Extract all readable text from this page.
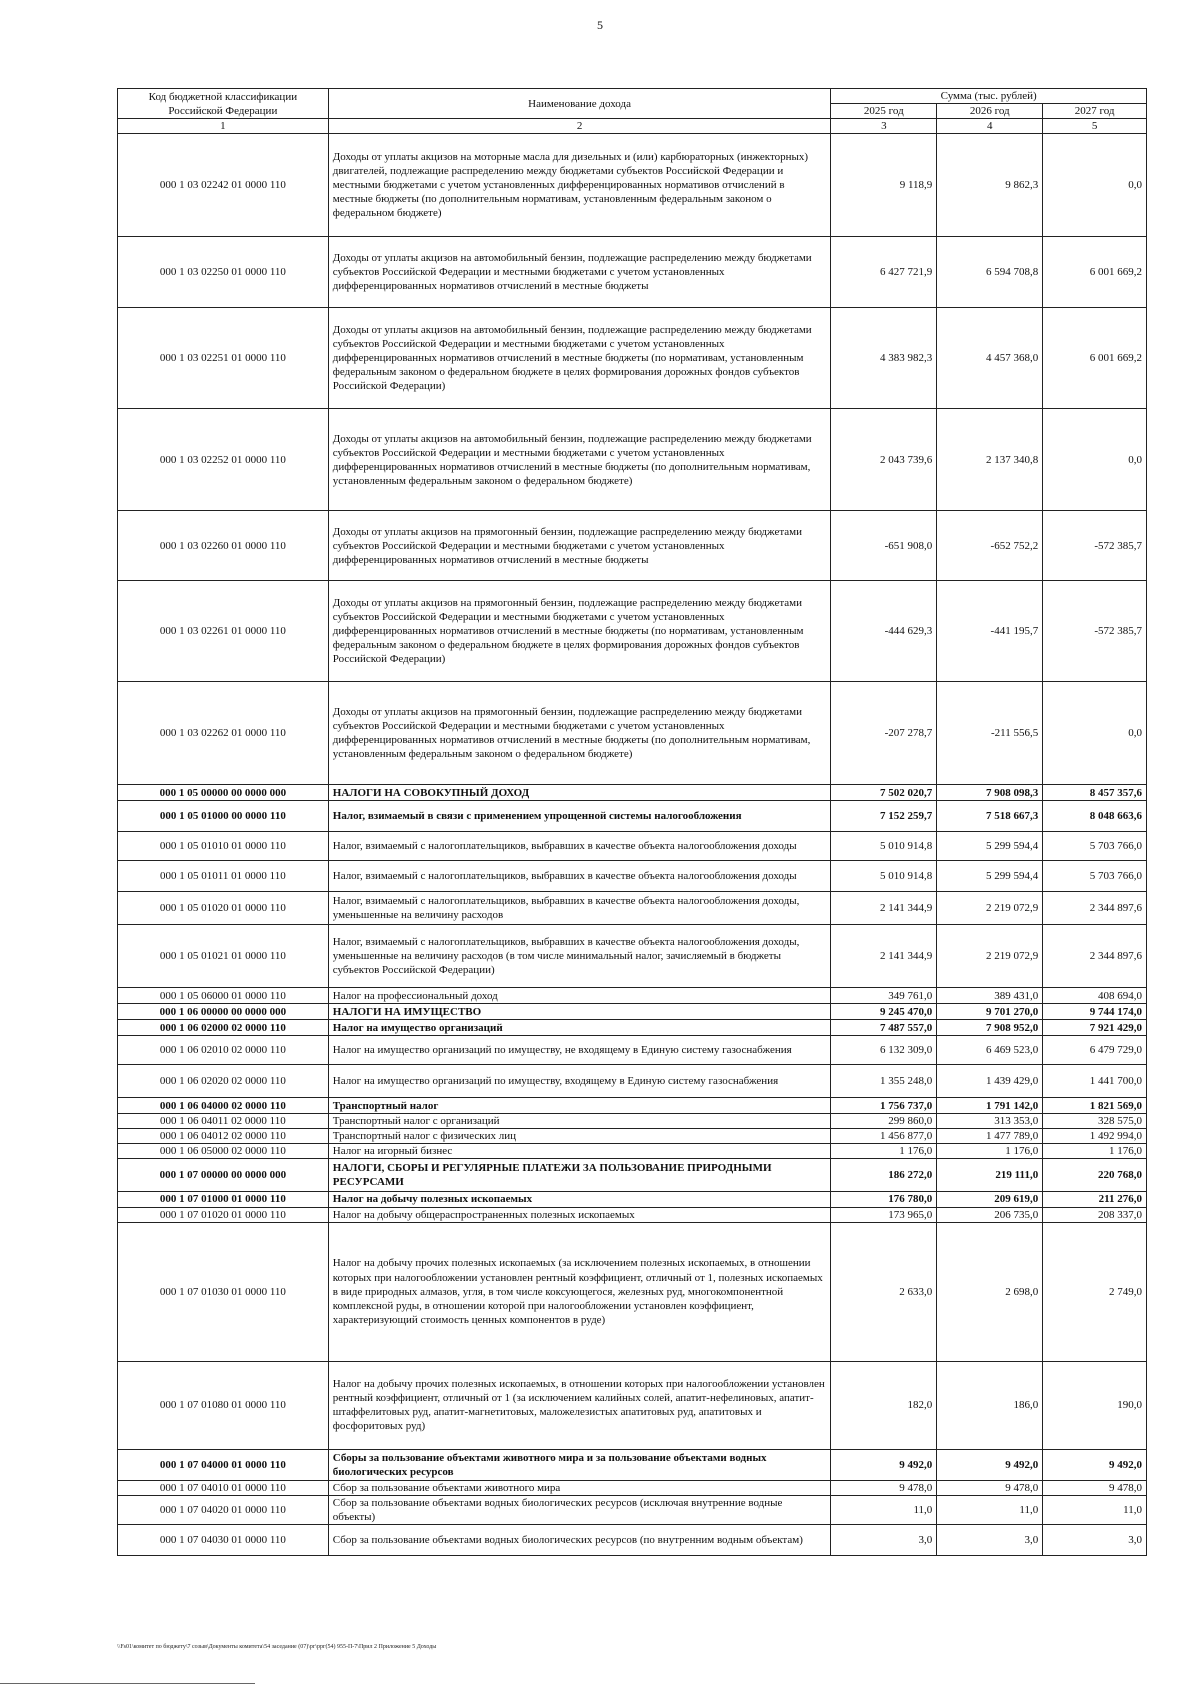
5
Код бюджетной классификации Российской Федерации	Наименование дохода	Сумма (тыс. рублей)		
		2025 год	2026 год	2027 год
1	2	3	4	5
000 1 03 02242 01 0000 110	Доходы от уплаты акцизов на моторные масла для дизельных и (или) карбюраторных (инжекторных) двигателей, подлежащие распределению между бюджетами субъектов Российской Федерации и местными бюджетами с учетом установленных дифференцированных нормативов отчислений в местные бюджеты (по дополнительным нормативам, установленным федеральным законом о федеральном бюджете)	9 118,9	9 862,3	0,0
000 1 03 02250 01 0000 110	Доходы от уплаты акцизов на автомобильный бензин, подлежащие распределению между бюджетами субъектов Российской Федерации и местными бюджетами с учетом установленных дифференцированных нормативов отчислений в местные бюджеты	6 427 721,9	6 594 708,8	6 001 669,2
000 1 03 02251 01 0000 110	Доходы от уплаты акцизов на автомобильный бензин, подлежащие распределению между бюджетами субъектов Российской Федерации и местными бюджетами с учетом установленных дифференцированных нормативов отчислений в местные бюджеты (по нормативам, установленным федеральным законом о федеральном бюджете в целях формирования дорожных фондов субъектов Российской Федерации)	4 383 982,3	4 457 368,0	6 001 669,2
000 1 03 02252 01 0000 110	Доходы от уплаты акцизов на автомобильный бензин, подлежащие распределению между бюджетами субъектов Российской Федерации и местными бюджетами с учетом установленных дифференцированных нормативов отчислений в местные бюджеты (по дополнительным нормативам, установленным федеральным законом о федеральном бюджете)	2 043 739,6	2 137 340,8	0,0
000 1 03 02260 01 0000 110	Доходы от уплаты акцизов на прямогонный бензин, подлежащие распределению между бюджетами субъектов Российской Федерации и местными бюджетами с учетом установленных дифференцированных нормативов отчислений в местные бюджеты	-651 908,0	-652 752,2	-572 385,7
000 1 03 02261 01 0000 110	Доходы от уплаты акцизов на прямогонный бензин, подлежащие распределению между бюджетами субъектов Российской Федерации и местными бюджетами с учетом установленных дифференцированных нормативов отчислений в местные бюджеты (по нормативам, установленным федеральным законом о федеральном бюджете в целях формирования дорожных фондов субъектов Российской Федерации)	-444 629,3	-441 195,7	-572 385,7
000 1 03 02262 01 0000 110	Доходы от уплаты акцизов на прямогонный бензин, подлежащие распределению между бюджетами субъектов Российской Федерации и местными бюджетами с учетом установленных дифференцированных нормативов отчислений в местные бюджеты (по дополнительным нормативам, установленным федеральным законом о федеральном бюджете)	-207 278,7	-211 556,5	0,0
000 1 05 00000 00 0000 000	НАЛОГИ НА СОВОКУПНЫЙ ДОХОД	7 502 020,7	7 908 098,3	8 457 357,6
000 1 05 01000 00 0000 110	Налог, взимаемый в связи с применением упрощенной системы налогообложения	7 152 259,7	7 518 667,3	8 048 663,6
000 1 05 01010 01 0000 110	Налог, взимаемый с налогоплательщиков, выбравших в качестве объекта налогообложения доходы	5 010 914,8	5 299 594,4	5 703 766,0
000 1 05 01011 01 0000 110	Налог, взимаемый с налогоплательщиков, выбравших в качестве объекта налогообложения доходы	5 010 914,8	5 299 594,4	5 703 766,0
000 1 05 01020 01 0000 110	Налог, взимаемый с налогоплательщиков, выбравших в качестве объекта налогообложения доходы, уменьшенные на величину расходов	2 141 344,9	2 219 072,9	2 344 897,6
000 1 05 01021 01 0000 110	Налог, взимаемый с налогоплательщиков, выбравших в качестве объекта налогообложения доходы, уменьшенные на величину расходов (в том числе минимальный налог, зачисляемый в бюджеты субъектов Российской Федерации)	2 141 344,9	2 219 072,9	2 344 897,6
000 1 05 06000 01 0000 110	Налог на профессиональный доход	349 761,0	389 431,0	408 694,0
000 1 06 00000 00 0000 000	НАЛОГИ НА ИМУЩЕСТВО	9 245 470,0	9 701 270,0	9 744 174,0
000 1 06 02000 02 0000 110	Налог на имущество организаций	7 487 557,0	7 908 952,0	7 921 429,0
000 1 06 02010 02 0000 110	Налог на имущество организаций по имуществу, не входящему в Единую систему газоснабжения	6 132 309,0	6 469 523,0	6 479 729,0
000 1 06 02020 02 0000 110	Налог на имущество организаций по имуществу, входящему в Единую систему газоснабжения	1 355 248,0	1 439 429,0	1 441 700,0
000 1 06 04000 02 0000 110	Транспортный налог	1 756 737,0	1 791 142,0	1 821 569,0
000 1 06 04011 02 0000 110	Транспортный налог с организаций	299 860,0	313 353,0	328 575,0
000 1 06 04012 02 0000 110	Транспортный налог с физических лиц	1 456 877,0	1 477 789,0	1 492 994,0
000 1 06 05000 02 0000 110	Налог на игорный бизнес	1 176,0	1 176,0	1 176,0
000 1 07 00000 00 0000 000	НАЛОГИ, СБОРЫ И РЕГУЛЯРНЫЕ ПЛАТЕЖИ ЗА ПОЛЬЗОВАНИЕ ПРИРОДНЫМИ РЕСУРСАМИ	186 272,0	219 111,0	220 768,0
000 1 07 01000 01 0000 110	Налог на добычу полезных ископаемых	176 780,0	209 619,0	211 276,0
000 1 07 01020 01 0000 110	Налог на добычу общераспространенных полезных ископаемых	173 965,0	206 735,0	208 337,0
000 1 07 01030 01 0000 110	Налог на добычу прочих полезных ископаемых (за исключением полезных ископаемых, в отношении которых при налогообложении установлен рентный коэффициент, отличный от 1, полезных ископаемых в виде природных алмазов, угля, в том числе коксующегося, железных руд, многокомпонентной комплексной руды, в отношении которой при налогообложении установлен коэффициент, характеризующий стоимость ценных компонентов в руде)	2 633,0	2 698,0	2 749,0
000 1 07 01080 01 0000 110	Налог на добычу прочих полезных ископаемых, в отношении которых при налогообложении установлен рентный коэффициент, отличный от 1 (за исключением калийных солей, апатит-нефелиновых, апатит-штаффелитовых руд, апатит-магнетитовых, маложелезистых апатитовых руд, апатитовых и фосфоритовых руд)	182,0	186,0	190,0
000 1 07 04000 01 0000 110	Сборы за пользование объектами животного мира и за пользование объектами водных биологических ресурсов	9 492,0	9 492,0	9 492,0
000 1 07 04010 01 0000 110	Сбор за пользование объектами животного мира	9 478,0	9 478,0	9 478,0
000 1 07 04020 01 0000 110	Сбор за пользование объектами водных биологических ресурсов (исключая внутренние водные объекты)	11,0	11,0	11,0
000 1 07 04030 01 0000 110	Сбор за пользование объектами водных биологических ресурсов (по внутренним водным объектам)	3,0	3,0	3,0
\\Fs01\комитет по бюджету\7 созыв\Документы комитета\54 заседание (07)\рг\ррг(54) 955-П-7\Прил 2 Приложение 5 Доходы
